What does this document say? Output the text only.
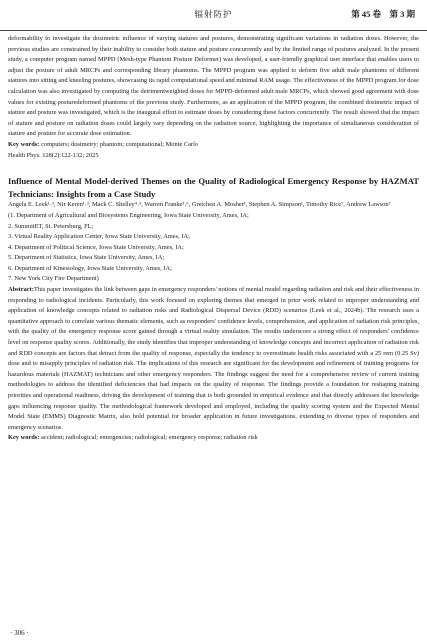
辐射防护	第 45 卷　第 3 期

deformability to investigate the dosimetric influence of varying statures and postures, demonstrating significant variations in radiation doses. However, the previous studies are constrained by their inability to consider both stature and posture concurrently and by the limited range of postures analyzed. In the present study, a computer program named MPPD (Mesh-type Phantom Posture Deformer) was developed, a user-friendly graphical user interface that enables users to adjust the posture of adult MRCPs and corresponding library phantoms. The MPPD program was applied to deform five adult male phantoms of different statures into sitting and kneeling postures, showcasing its rapid computational speed and minimal RAM usage. The effectiveness of the MPPD program for dose calculation was also investigated by computing the detrimentweighted doses for MPPD-deformed adult male MRCPs, which showed good agreement with dose values for existing posturedeformed phantoms of the previous study. Furthermore, as an application of the MPPD program, the combined dosimetric impact of stature and posture was investigated, which is the inaugural effort to estimate doses by considering these factors concurrently. The result showed that the impact of stature and posture on radiation doses could largely vary depending on the radiation source, highlighting the importance of simultaneous consideration of stature and posture for accurate dose estimation.

Key words: computers; dosimetry; phantom; computational; Monte Carlo

Health Phys. 128(2):122-132; 2025

Influence of Mental Model-derived Themes on the Quality of Radiological Emergency Response by HAZMAT Technicians: Insights from a Case Study

Angela E. Leek¹˒³, Nir Keren¹˒³, Mack C. Shelley⁴˒⁵, Warren Franke³˒⁶, Gretchen A. Mosher¹, Stephen A. Simpson¹, Timothy Rice⁷, Andrew Lawson⁷

(1. Department of Agricultural and Biosystems Engineering, Iowa State University, Ames, IA;

2. SummitET, St. Petersburg, FL;

3. Virtual Reality Application Center, Iowa State University, Ames, IA;

4. Department of Political Science, Iowa State University, Ames, IA;

5. Department of Statistics, Iowa State University, Ames, IA;

6. Department of Kinesiology, Iowa State University, Ames, IA;

7. New York City Fire Department)

Abstract:This paper investigates the link between gaps in emergency responders' notions of mental model regarding radiation and risk and their effectiveness in responding to radiological incidents. Particularly, this work focused on exploring themes that emerged in prior work related to improper understanding and application of knowledge concepts related to radiation risks and Radiological Dispersal Device (RDD) scenarios (Leek et al., 2024b). The research uses a quantitative approach to correlate various thematic elements, such as responders' confidence levels, comprehension, and application of radiation risk principles, with the quality of the emergency response score gained through a virtual reality simulation. The results underscore a strong effect of responders' confidence level on response quality scores. Additionally, the study identifies that improper understanding of knowledge concepts and incorrect application of radiation risk and RDD concepts are factors that detract from the quality of response, especially the tendency to overestimate health risks associated with a 25 rem (0.25 Sv) dose and to misapply principles of radiation risk. The implications of this research are significant for the development and refinement of training programs for hazardous materials (HAZMAT) technicians and other emergency responders. The findings suggest the need for a comprehensive review of current training methodologies to address the identified deficiencies that had impacts on the quality of response. The findings provide a foundation for reshaping training priorities and operational readiness, driving the development of training that is both grounded in empirical evidence and that directly addresses the knowledge gaps influencing response quality. The methodological framework developed and employed, including the quality scoring system and the Expected Mental Model State (EMMS) Diagnostic Matrix, also hold potential for broader application in future investigations, extending to diverse types of responders and emergency scenarios.

Key words: accident; radiological; emergencies; radiological; emergency response; radiation risk

· 306 ·
